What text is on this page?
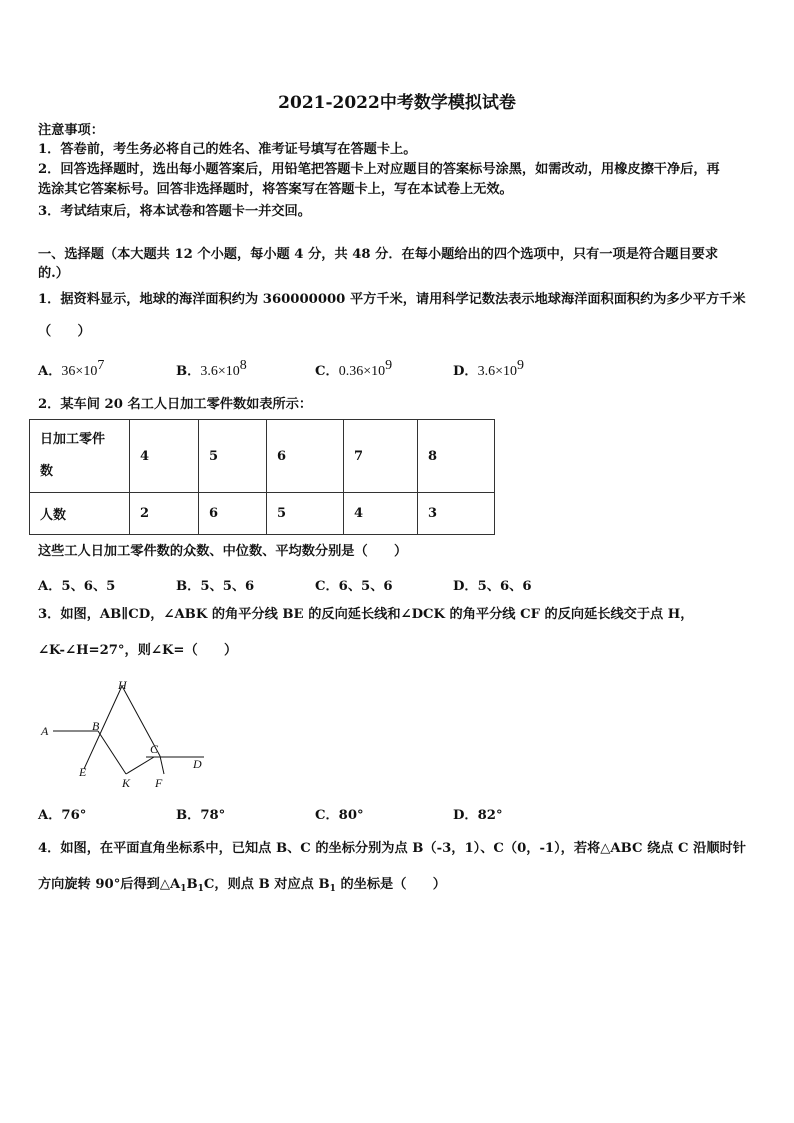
2021-2022中考数学模拟试卷
注意事项：
1．答卷前，考生务必将自己的姓名、准考证号填写在答题卡上。
2．回答选择题时，选出每小题答案后，用铅笔把答题卡上对应题目的答案标号涂黑，如需改动，用橡皮擦干净后，再
选涂其它答案标号。回答非选择题时，将答案写在答题卡上，写在本试卷上无效。
3．考试结束后，将本试卷和答题卡一并交回。
一、选择题（本大题共 12 个小题，每小题 4 分，共 48 分．在每小题给出的四个选项中，只有一项是符合题目要求
的.）
1．据资料显示，地球的海洋面积约为 360000000 平方千米，请用科学记数法表示地球海洋面积面积约为多少平方千米
（　　）
A．$36\times 10^7$	B．$3.6\times 10^8$	C．$0.36\times 10^9$	D．$3.6\times 10^9$
2．某车间 20 名工人日加工零件数如表所示：
日加工零件
数	4	5	6	7	8
人数	2	6	5	4	3
这些工人日加工零件数的众数、中位数、平均数分别是（　　）
A．5、6、5	B．5、5、6	C．6、5、6	D．5、6、6
3．如图，AB∥CD，∠ABK 的角平分线 BE 的反向延长线和∠DCK 的角平分线 CF 的反向延长线交于点 H，
∠K-∠H=27°，则∠K=（　　）
H
A	B
C
D
E
K F
A．76°	B．78°	C．80°	D．82°
4．如图，在平面直角坐标系中，已知点 B、C 的坐标分别为点 B（-3，1）、C（0，-1），若将△ABC 绕点 C 沿顺时针
方向旋转 90°后得到$\triangle A_1B_1C$，则点 B 对应点 $B_1$ 的坐标是（　　）
